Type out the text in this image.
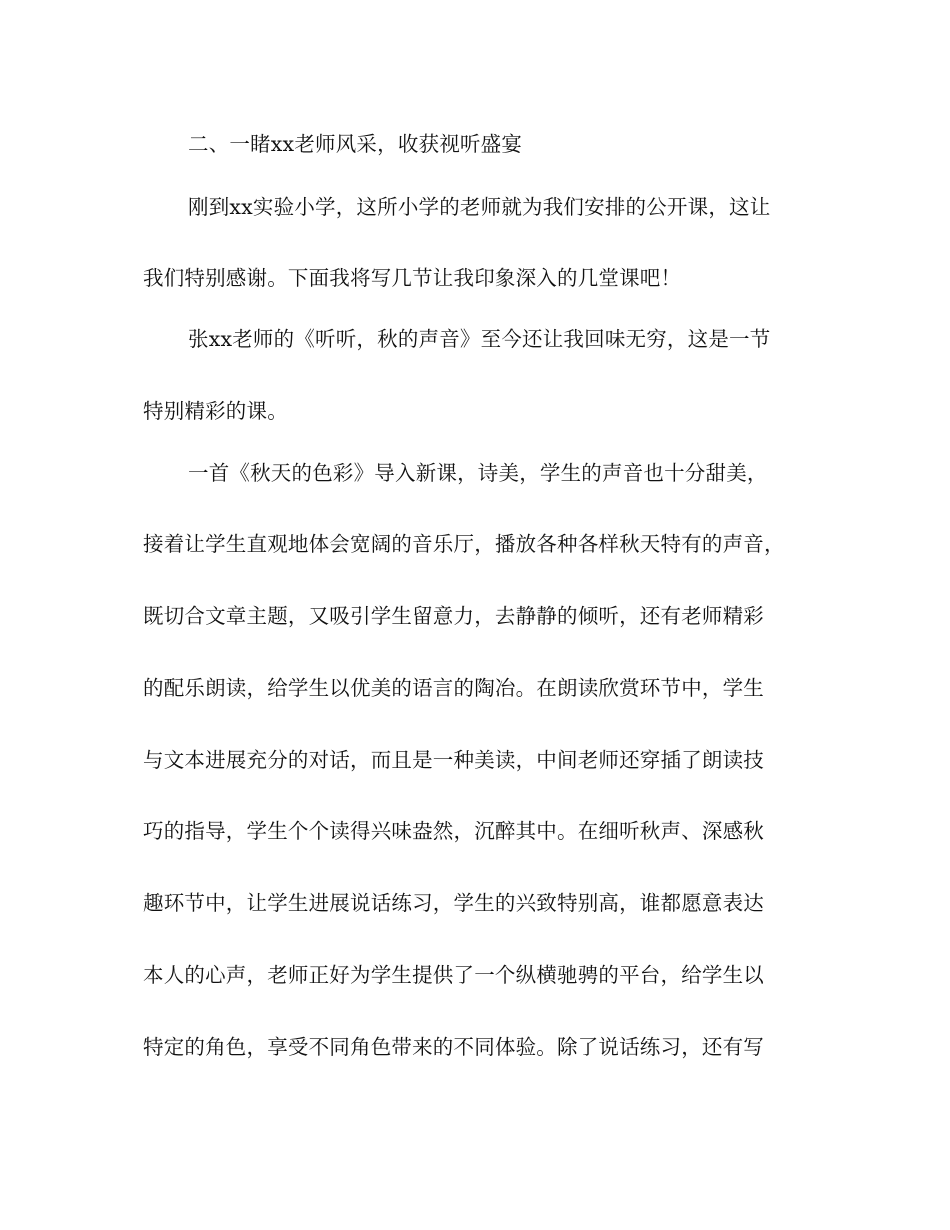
二、一睹xx老师风采，收获视听盛宴
刚到xx实验小学，这所小学的老师就为我们安排的公开课，这让
我们特别感谢。下面我将写几节让我印象深入的几堂课吧！
张xx老师的《听听，秋的声音》至今还让我回味无穷，这是一节
特别精彩的课。
一首《秋天的色彩》导入新课，诗美，学生的声音也十分甜美，
接着让学生直观地体会宽阔的音乐厅，播放各种各样秋天特有的声音，
既切合文章主题，又吸引学生留意力，去静静的倾听，还有老师精彩
的配乐朗读，给学生以优美的语言的陶冶。在朗读欣赏环节中，学生
与文本进展充分的对话，而且是一种美读，中间老师还穿插了朗读技
巧的指导，学生个个读得兴味盎然，沉醉其中。在细听秋声、深感秋
趣环节中，让学生进展说话练习，学生的兴致特别高，谁都愿意表达
本人的心声，老师正好为学生提供了一个纵横驰骋的平台，给学生以
特定的角色，享受不同角色带来的不同体验。除了说话练习，还有写
